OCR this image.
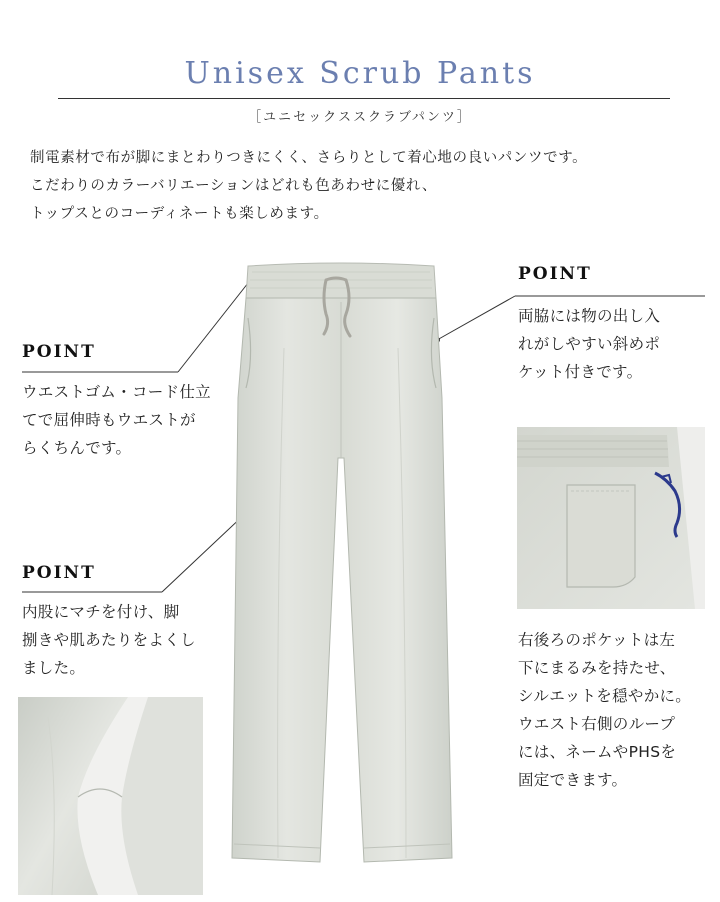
Unisex Scrub Pants
［ユニセックススクラブパンツ］

制電素材で布が脚にまとわりつきにくく、さらりとして着心地の良いパンツです。

こだわりのカラーバリエーションはどれも色あわせに優れ、

トップスとのコーディネートも楽しめます。

POINT

ウエストゴム・コード仕立

てで屈伸時もウエストが

らくちんです。

POINT

両脇には物の出し入

れがしやすい斜めポ

ケット付きです。

POINT

内股にマチを付け、脚

捌きや肌あたりをよくし

ました。

右後ろのポケットは左

下にまるみを持たせ、

シルエットを穏やかに。

ウエスト右側のループ

には、ネームやPHSを

固定できます。
